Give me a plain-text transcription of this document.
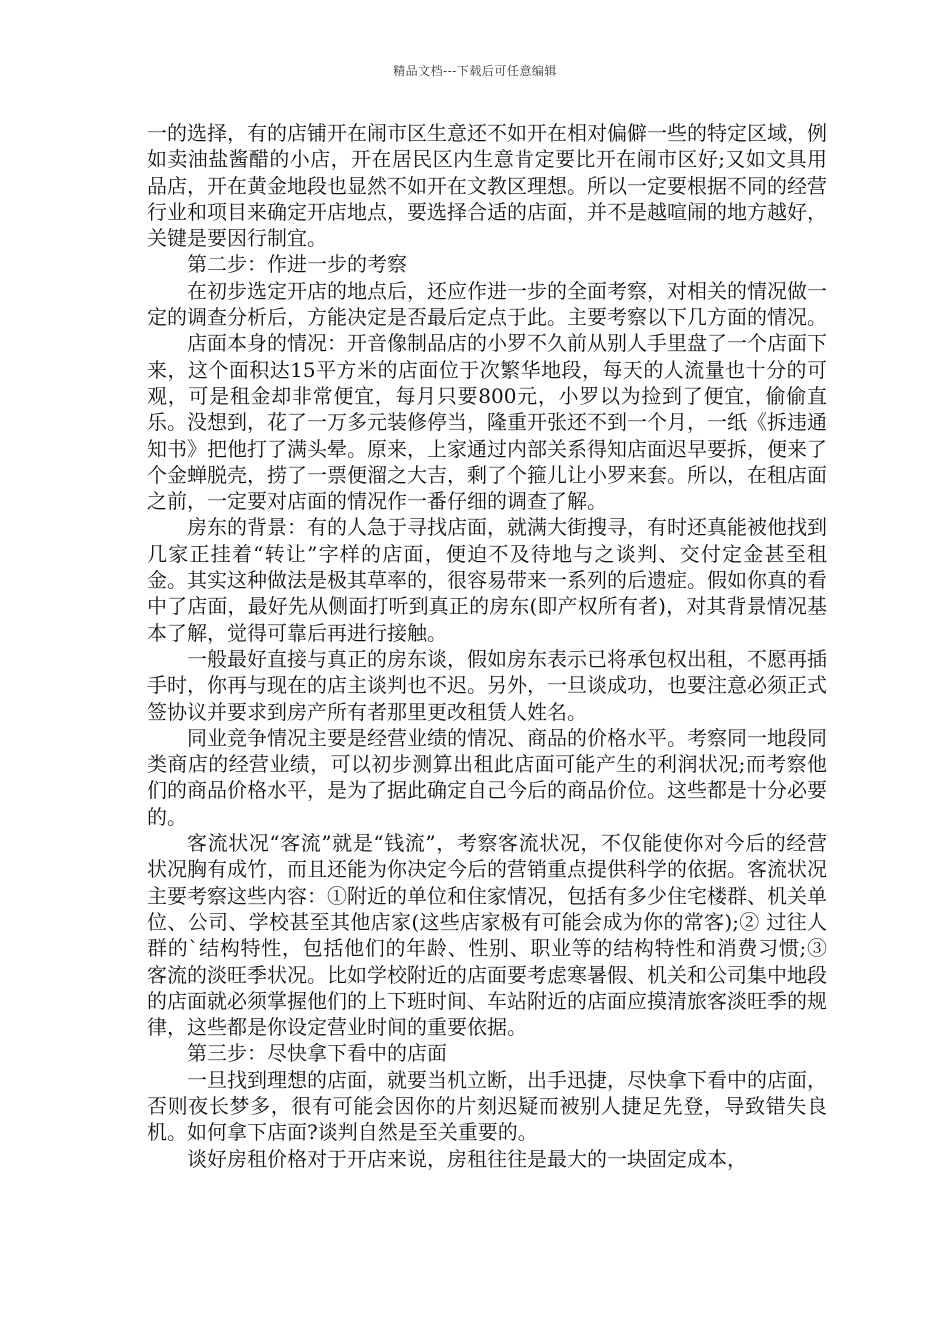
精品文档---下载后可任意编辑

一的选择，有的店铺开在闹市区生意还不如开在相对偏僻一些的特定区域，例如卖油盐酱醋的小店，开在居民区内生意肯定要比开在闹市区好;又如文具用品店，开在黄金地段也显然不如开在文教区理想。所以一定要根据不同的经营行业和项目来确定开店地点，要选择合适的店面，并不是越喧闹的地方越好，关键是要因行制宜。

第二步：作进一步的考察

在初步选定开店的地点后，还应作进一步的全面考察，对相关的情况做一定的调查分析后，方能决定是否最后定点于此。主要考察以下几方面的情况。

店面本身的情况：开音像制品店的小罗不久前从别人手里盘了一个店面下来，这个面积达15平方米的店面位于次繁华地段，每天的人流量也十分的可观，可是租金却非常便宜，每月只要800元，小罗以为捡到了便宜，偷偷直乐。没想到，花了一万多元装修停当，隆重开张还不到一个月，一纸《拆违通知书》把他打了满头晕。原来，上家通过内部关系得知店面迟早要拆，便来了个金蝉脱壳，捞了一票便溜之大吉，剩了个箍儿让小罗来套。所以，在租店面之前，一定要对店面的情况作一番仔细的调查了解。

房东的背景：有的人急于寻找店面，就满大街搜寻，有时还真能被他找到几家正挂着“转让”字样的店面，便迫不及待地与之谈判、交付定金甚至租金。其实这种做法是极其草率的，很容易带来一系列的后遗症。假如你真的看中了店面，最好先从侧面打听到真正的房东(即产权所有者)，对其背景情况基本了解，觉得可靠后再进行接触。

一般最好直接与真正的房东谈，假如房东表示已将承包权出租，不愿再插手时，你再与现在的店主谈判也不迟。另外，一旦谈成功，也要注意必须正式签协议并要求到房产所有者那里更改租赁人姓名。

同业竞争情况主要是经营业绩的情况、商品的价格水平。考察同一地段同类商店的经营业绩，可以初步测算出租此店面可能产生的利润状况;而考察他们的商品价格水平，是为了据此确定自己今后的商品价位。这些都是十分必要的。

客流状况“客流”就是“钱流”，考察客流状况，不仅能使你对今后的经营状况胸有成竹，而且还能为你决定今后的营销重点提供科学的依据。客流状况主要考察这些内容：①附近的单位和住家情况，包括有多少住宅楼群、机关单位、公司、学校甚至其他店家(这些店家极有可能会成为你的常客);② 过往人群的`结构特性，包括他们的年龄、性别、职业等的结构特性和消费习惯;③ 客流的淡旺季状况。比如学校附近的店面要考虑寒暑假、机关和公司集中地段的店面就必须掌握他们的上下班时间、车站附近的店面应摸清旅客淡旺季的规律，这些都是你设定营业时间的重要依据。

第三步：尽快拿下看中的店面

一旦找到理想的店面，就要当机立断，出手迅捷，尽快拿下看中的店面，否则夜长梦多，很有可能会因你的片刻迟疑而被别人捷足先登，导致错失良机。如何拿下店面?谈判自然是至关重要的。

谈好房租价格对于开店来说，房租往往是最大的一块固定成本，
